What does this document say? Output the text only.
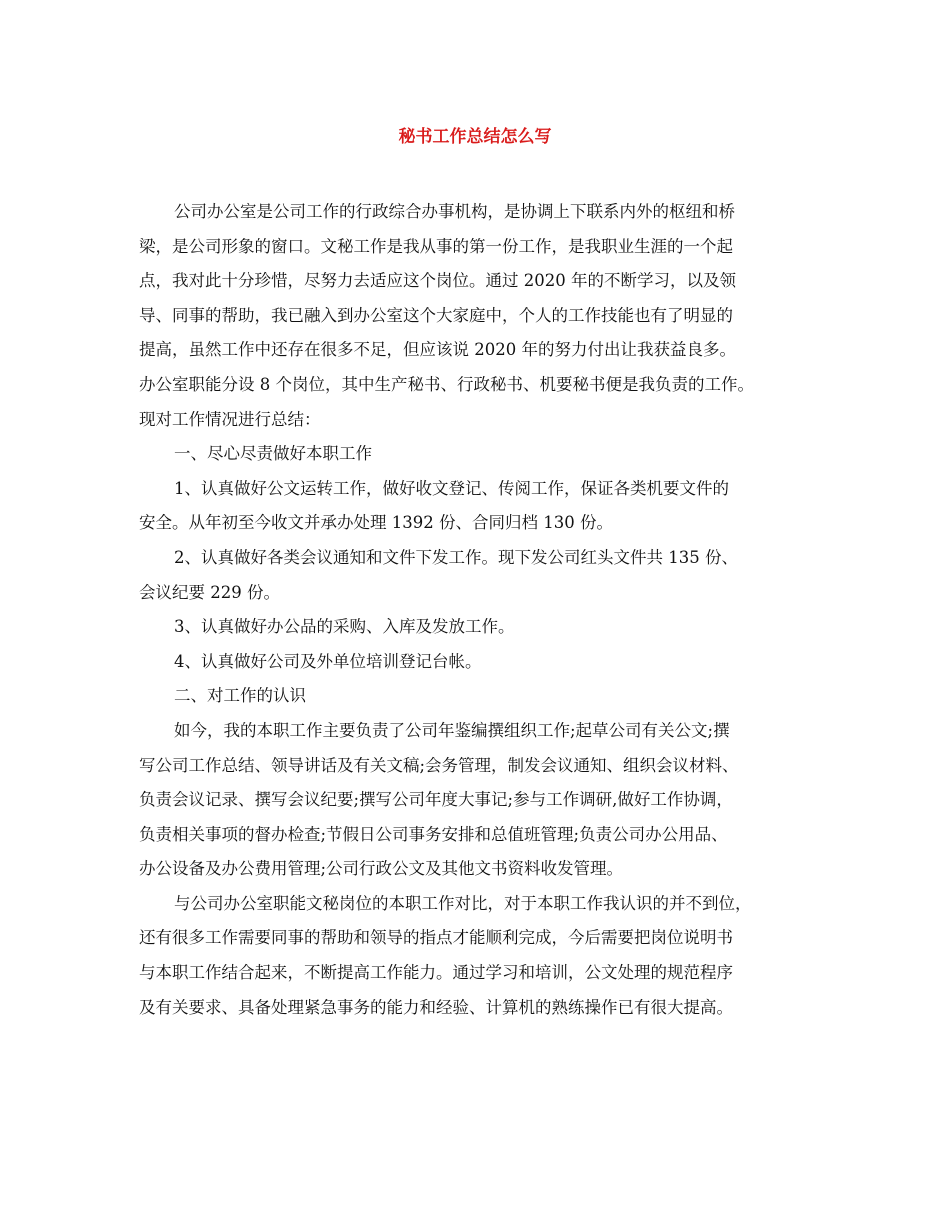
秘书工作总结怎么写
公司办公室是公司工作的行政综合办事机构，是协调上下联系内外的枢纽和桥
梁，是公司形象的窗口。文秘工作是我从事的第一份工作，是我职业生涯的一个起
点，我对此十分珍惜，尽努力去适应这个岗位。通过 2020 年的不断学习，以及领
导、同事的帮助，我已融入到办公室这个大家庭中，个人的工作技能也有了明显的
提高，虽然工作中还存在很多不足，但应该说 2020 年的努力付出让我获益良多。
办公室职能分设 8 个岗位，其中生产秘书、行政秘书、机要秘书便是我负责的工作。
现对工作情况进行总结：
一、尽心尽责做好本职工作
1、认真做好公文运转工作，做好收文登记、传阅工作，保证各类机要文件的
安全。从年初至今收文并承办处理 1392 份、合同归档 130 份。
2、认真做好各类会议通知和文件下发工作。现下发公司红头文件共 135 份、
会议纪要 229 份。
3、认真做好办公品的采购、入库及发放工作。
4、认真做好公司及外单位培训登记台帐。
二、对工作的认识
如今，我的本职工作主要负责了公司年鉴编撰组织工作;起草公司有关公文;撰
写公司工作总结、领导讲话及有关文稿;会务管理，制发会议通知、组织会议材料、
负责会议记录、撰写会议纪要;撰写公司年度大事记;参与工作调研,做好工作协调，
负责相关事项的督办检查;节假日公司事务安排和总值班管理;负责公司办公用品、
办公设备及办公费用管理;公司行政公文及其他文书资料收发管理。
与公司办公室职能文秘岗位的本职工作对比，对于本职工作我认识的并不到位，
还有很多工作需要同事的帮助和领导的指点才能顺利完成，今后需要把岗位说明书
与本职工作结合起来，不断提高工作能力。通过学习和培训，公文处理的规范程序
及有关要求、具备处理紧急事务的能力和经验、计算机的熟练操作已有很大提高。
